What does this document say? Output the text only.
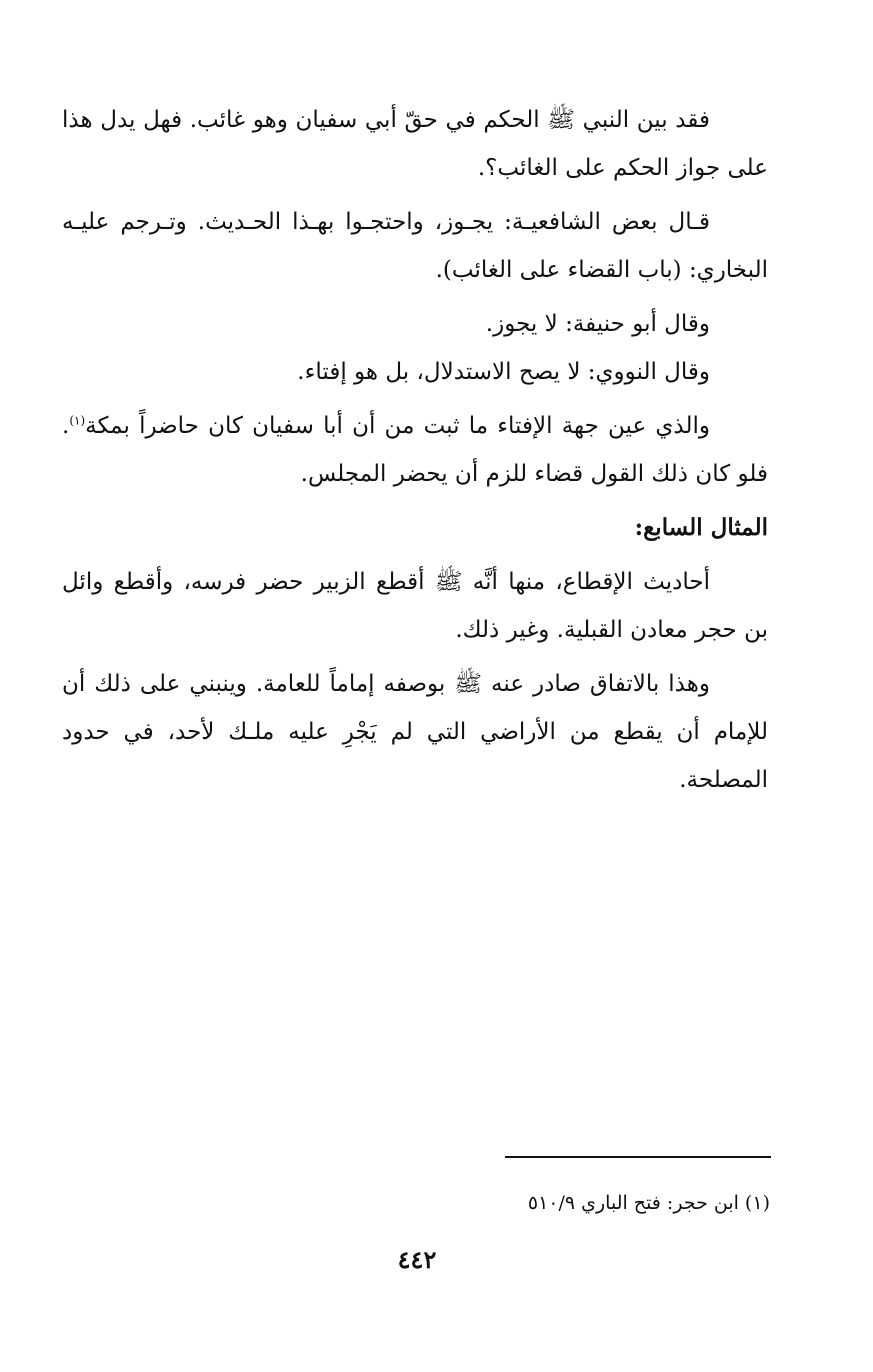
فقد بين النبي ﷺ الحكم في حقّ أبي سفيان وهو غائب. فهل يدل هذا على جواز الحكم على الغائب؟.

قـال بعض الشافعيـة: يجـوز، واحتجـوا بهـذا الحـديث. وتـرجم عليـه البخاري: (باب القضاء على الغائب).

وقال أبو حنيفة: لا يجوز.

وقال النووي: لا يصح الاستدلال، بل هو إفتاء.

والذي عين جهة الإفتاء ما ثبت من أن أبا سفيان كان حاضراً بمكة$^{(١)}$. فلو كان ذلك القول قضاء للزم أن يحضر المجلس.

المثال السابع:

أحاديث الإقطاع، منها أنَّه ﷺ أقطع الزبير حضر فرسه، وأقطع وائل بن حجر معادن القبلية. وغير ذلك.

وهذا بالاتفاق صادر عنه ﷺ بوصفه إماماً للعامة. وينبني على ذلك أن للإمام أن يقطع من الأراضي التي لم يَجْرِ عليه ملـك لأحد، في حدود المصلحة.

(١) ابن حجر: فتح الباري ٥١٠/٩
٤٤٢
